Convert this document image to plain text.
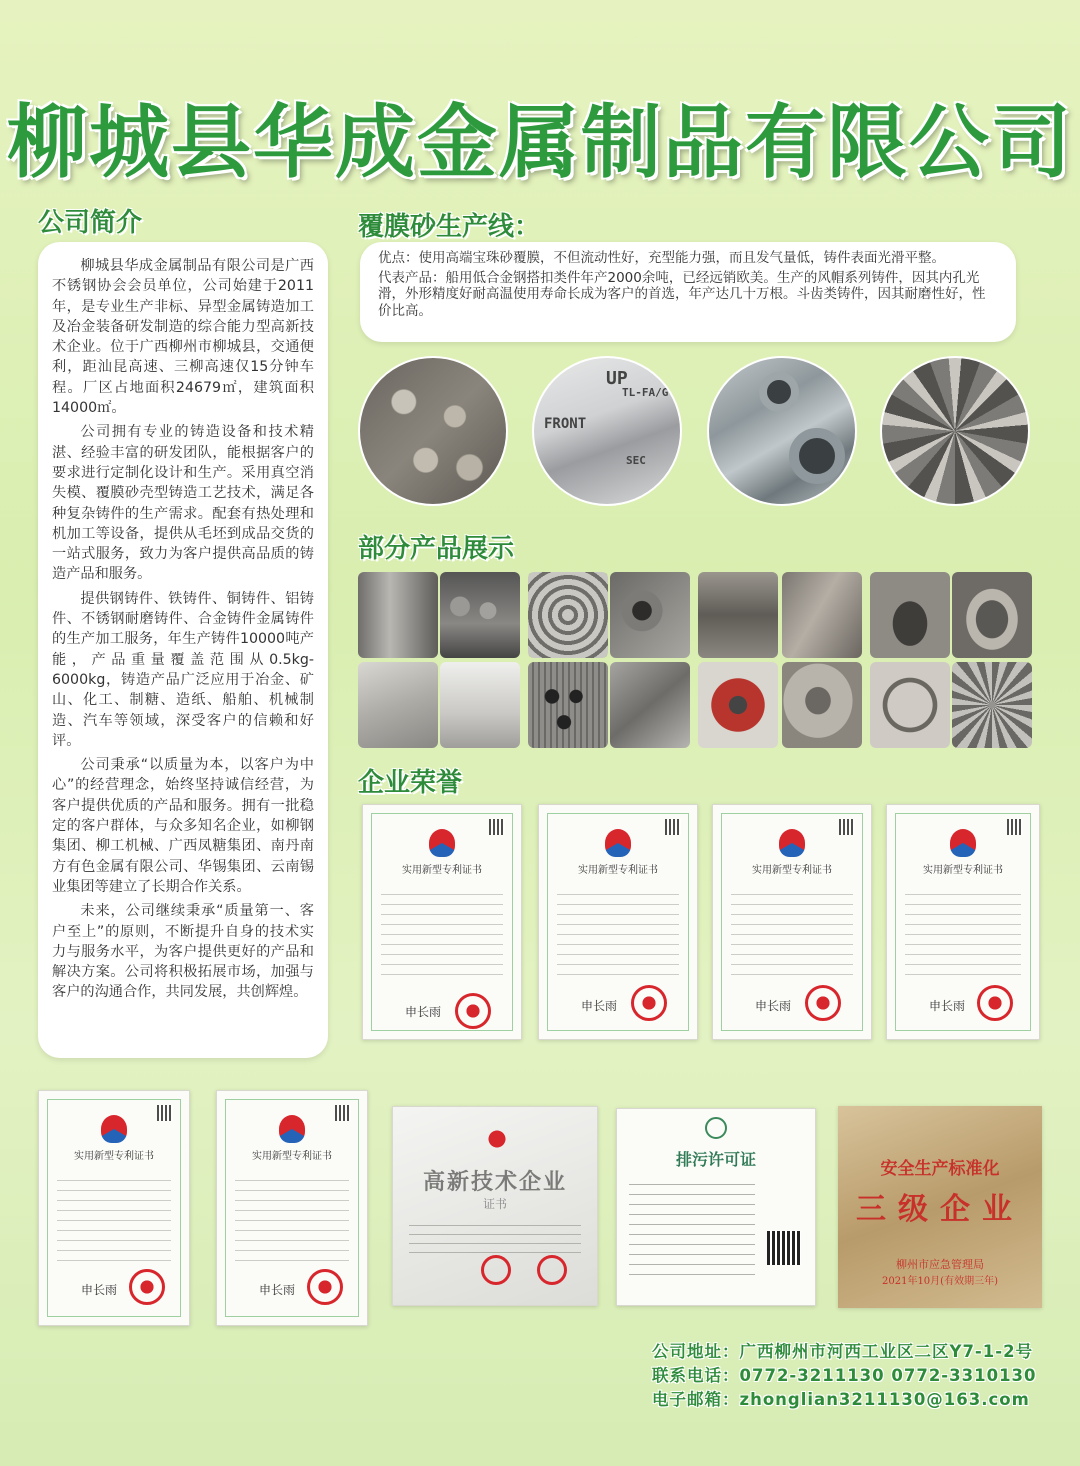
柳城县华成金属制品有限公司
公司简介

柳城县华成金属制品有限公司是广西不锈钢协会会员单位，公司始建于2011年，是专业生产非标、异型金属铸造加工及冶金装备研发制造的综合能力型高新技术企业。位于广西柳州市柳城县，交通便利，距汕昆高速、三柳高速仅15分钟车程。厂区占地面积24679㎡，建筑面积14000㎡。

公司拥有专业的铸造设备和技术精湛、经验丰富的研发团队，能根据客户的要求进行定制化设计和生产。采用真空消失模、覆膜砂壳型铸造工艺技术，满足各种复杂铸件的生产需求。配套有热处理和机加工等设备，提供从毛坯到成品交货的一站式服务，致力为客户提供高品质的铸造产品和服务。

提供钢铸件、铁铸件、铜铸件、铝铸件、不锈钢耐磨铸件、合金铸件金属铸件的生产加工服务，年生产铸件10000吨产能，产品重量覆盖范围从0.5kg-6000kg，铸造产品广泛应用于冶金、矿山、化工、制糖、造纸、船舶、机械制造、汽车等领域，深受客户的信赖和好评。

公司秉承“以质量为本，以客户为中心”的经营理念，始终坚持诚信经营，为客户提供优质的产品和服务。拥有一批稳定的客户群体，与众多知名企业，如柳钢集团、柳工机械、广西凤糖集团、南丹南方有色金属有限公司、华锡集团、云南锡业集团等建立了长期合作关系。

未来，公司继续秉承“质量第一、客户至上”的原则，不断提升自身的技术实力与服务水平，为客户提供更好的产品和解决方案。公司将积极拓展市场，加强与客户的沟通合作，共同发展，共创辉煌。

覆膜砂生产线：

优点：使用高端宝珠砂覆膜，不但流动性好，充型能力强，而且发气量低，铸件表面光滑平整。

代表产品：船用低合金钢搭扣类件年产2000余吨，已经远销欧美。生产的风帽系列铸件，因其内孔光滑，外形精度好耐高温使用寿命长成为客户的首选，年产达几十万根。斗齿类铸件，因其耐磨性好，性价比高。

UP
TL-FA/G
FRONT
SEC
部分产品展示
企业荣誉
实用新型专利证书
申长雨
实用新型专利证书
申长雨
实用新型专利证书
申长雨
实用新型专利证书
申长雨
实用新型专利证书
申长雨
实用新型专利证书
申长雨
高新技术企业
证书
排污许可证	安全生产标准化
三级企业
柳州市应急管理局
2021年10月(有效期三年)
公司地址：广西柳州市河西工业区二区Y7-1-2号
联系电话：0772-3211130 0772-3310130
电子邮箱：zhonglian3211130@163.com
